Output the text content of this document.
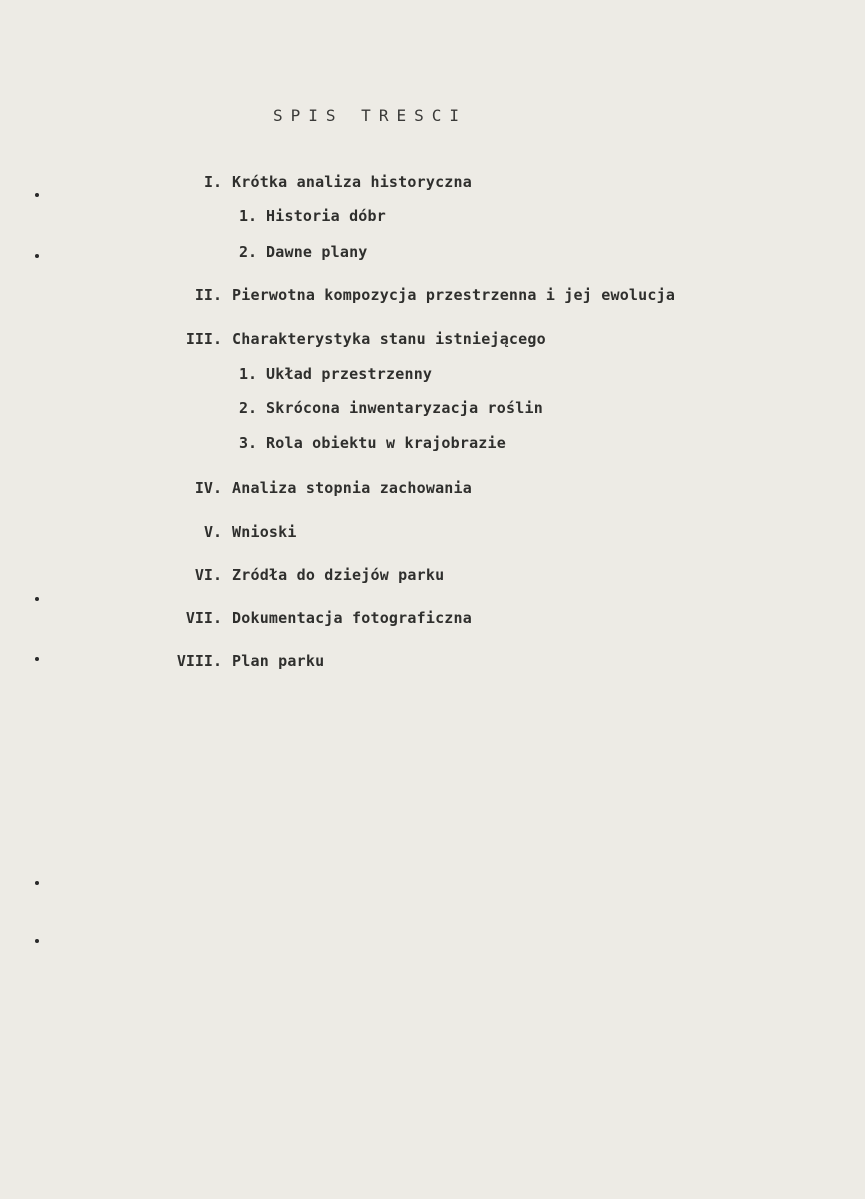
SPIS TRESCI
I. Krótka analiza historyczna
1. Historia dóbr
2. Dawne plany
II. Pierwotna kompozycja przestrzenna i jej ewolucja
III. Charakterystyka stanu istniejącego
1. Układ przestrzenny
2. Skrócona inwentaryzacja roślin
3. Rola obiektu w krajobrazie
IV. Analiza stopnia zachowania
V. Wnioski
VI. Zródła do dziejów parku
VII. Dokumentacja fotograficzna
VIII. Plan parku
